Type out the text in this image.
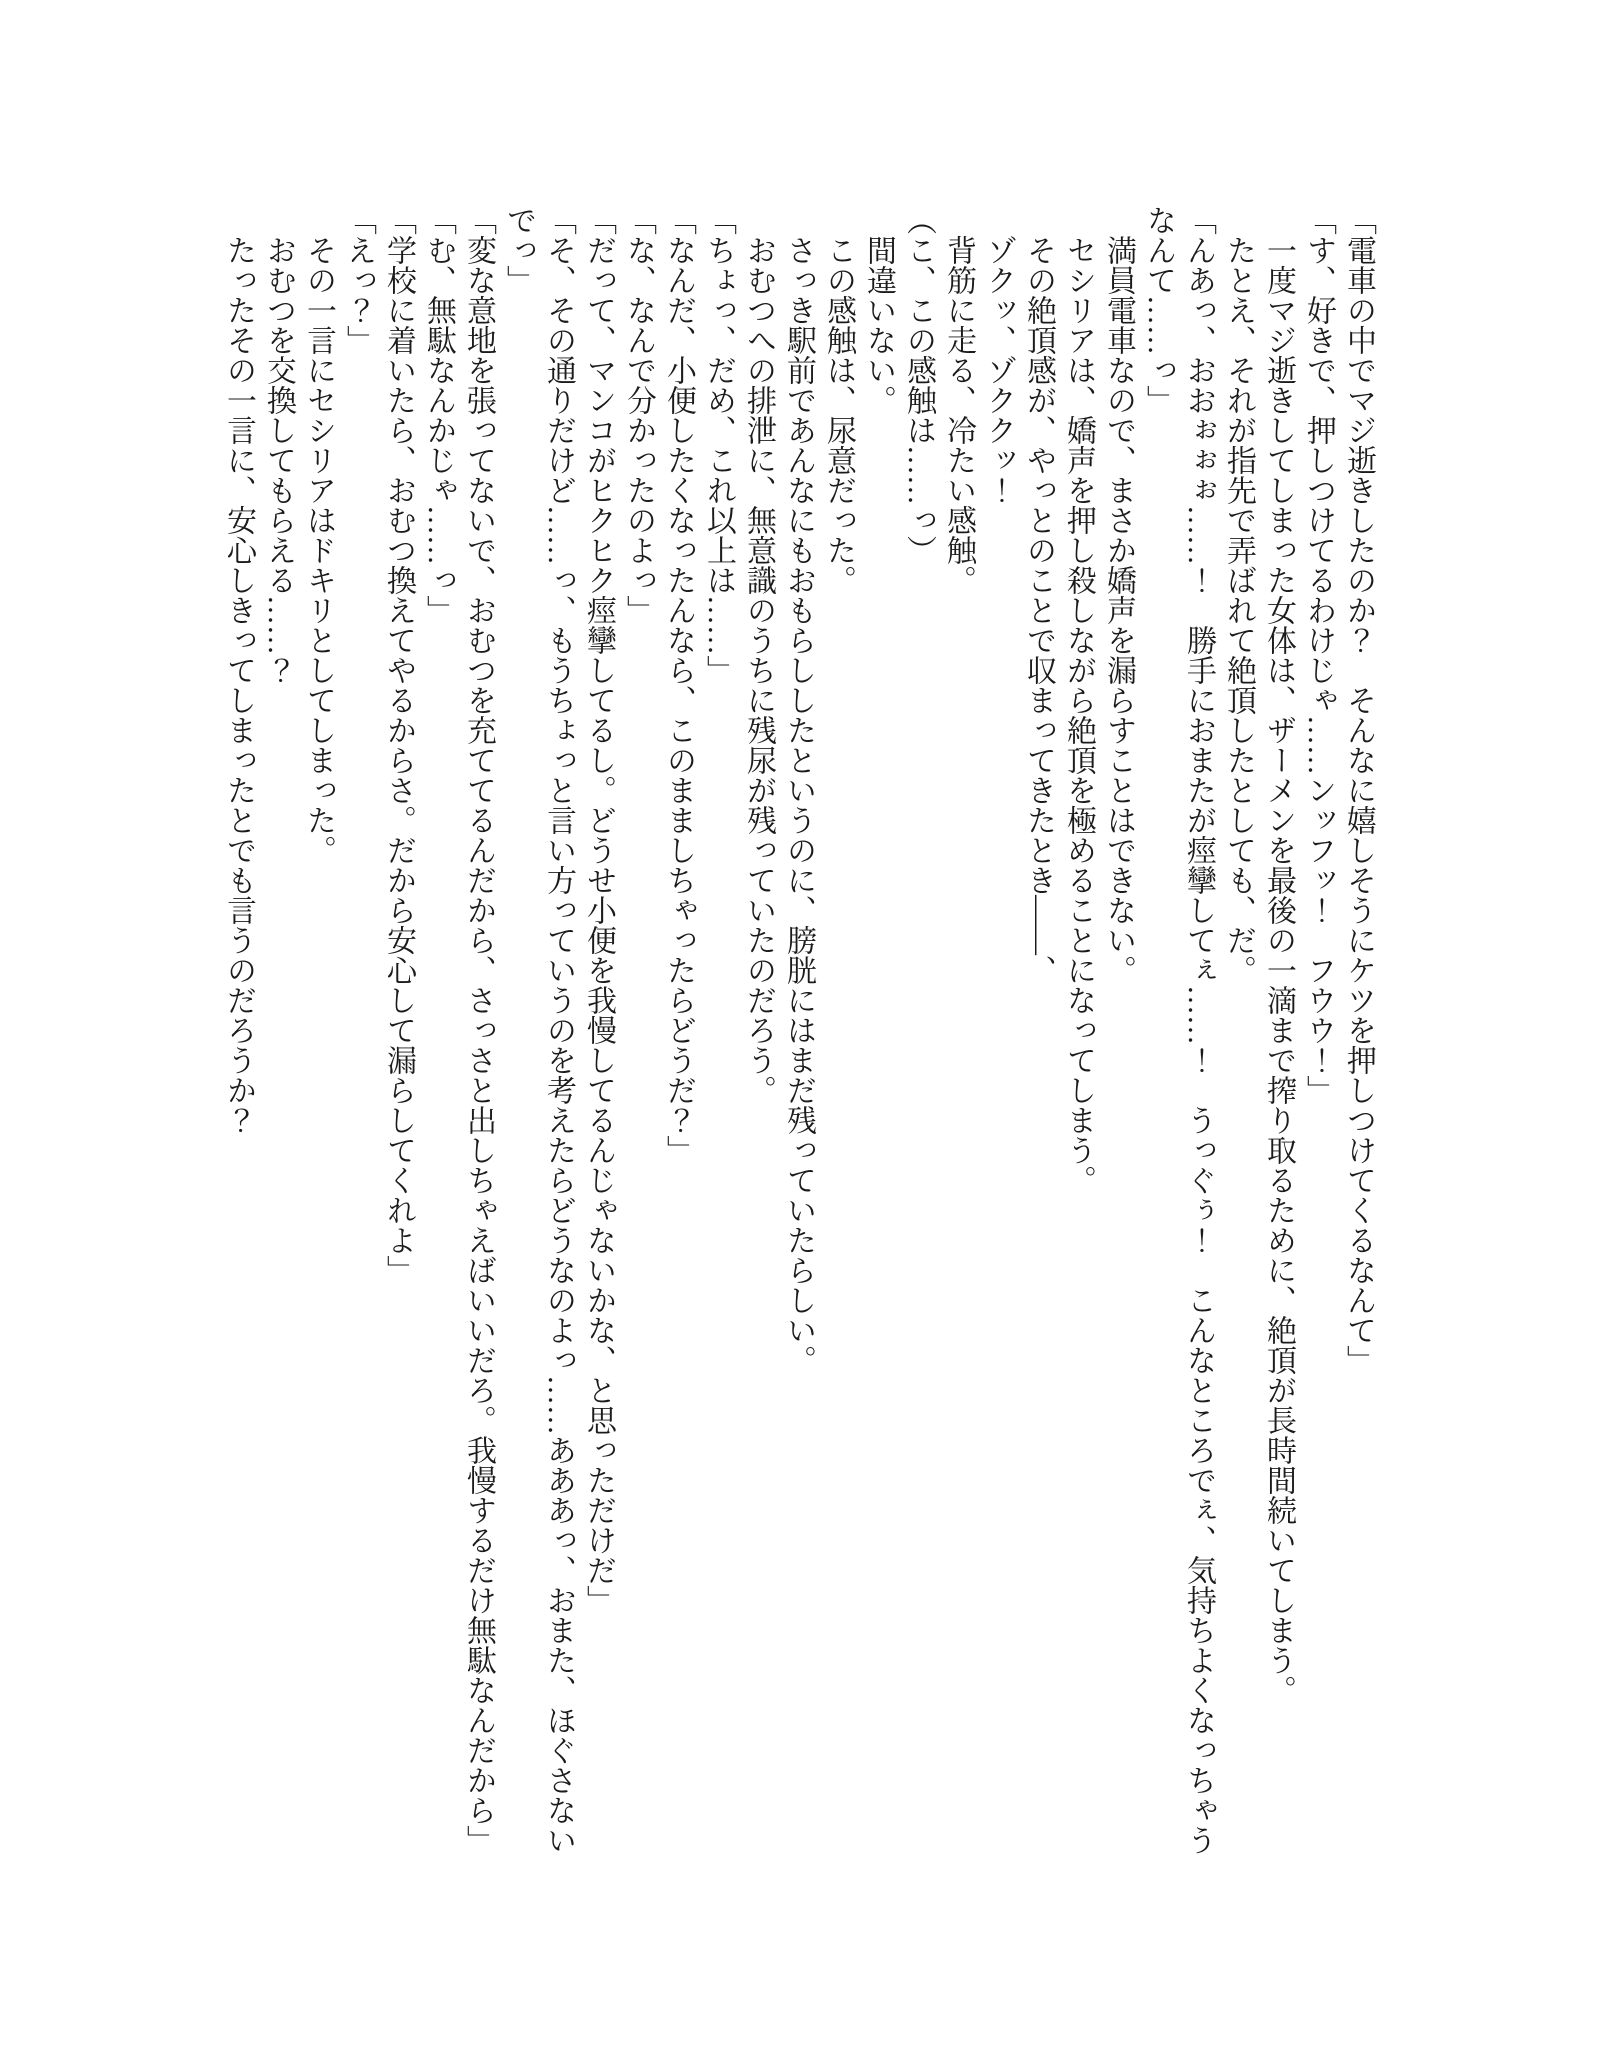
「電車の中でマジ逝きしたのか？　そんなに嬉しそうにケツを押しつけてくるなんて」

「す、好きで、押しつけてるわけじゃ……ンッフッ！　フウウ！」

一度マジ逝きしてしまった女体は、ザーメンを最後の一滴まで搾り取るために、絶頂が長時間続いてしまう。

たとえ、それが指先で弄ばれて絶頂したとしても、だ。

「んあっ、おおぉぉぉ……！　勝手におまたが痙攣してぇ……！　うっぐぅ！　こんなところでぇ、気持ちよくなっちゃう

なんて……っ」

満員電車なので、まさか嬌声を漏らすことはできない。

セシリアは、嬌声を押し殺しながら絶頂を極めることになってしまう。

その絶頂感が、やっとのことで収まってきたとき――、

ゾクッ、ゾククッ！

背筋に走る、冷たい感触。

（こ、この感触は……っ）

間違いない。

この感触は、尿意だった。

さっき駅前であんなにもおもらししたというのに、膀胱にはまだ残っていたらしい。

おむつへの排泄に、無意識のうちに残尿が残っていたのだろう。

「ちょっ、だめ、これ以上は……」

「なんだ、小便したくなったんなら、このまましちゃったらどうだ？」

「な、なんで分かったのよっ」

「だって、マンコがヒクヒク痙攣してるし。どうせ小便を我慢してるんじゃないかな、と思っただけだ」

「そ、その通りだけど……っ、もうちょっと言い方っていうのを考えたらどうなのよっ……あああっ、おまた、ほぐさない

でっ」

「変な意地を張ってないで、おむつを充ててるんだから、さっさと出しちゃえばいいだろ。我慢するだけ無駄なんだから」

「む、無駄なんかじゃ……っ」

「学校に着いたら、おむつ換えてやるからさ。だから安心して漏らしてくれよ」

「えっ？」

その一言にセシリアはドキリとしてしまった。

おむつを交換してもらえる……？

たったその一言に、安心しきってしまったとでも言うのだろうか？
